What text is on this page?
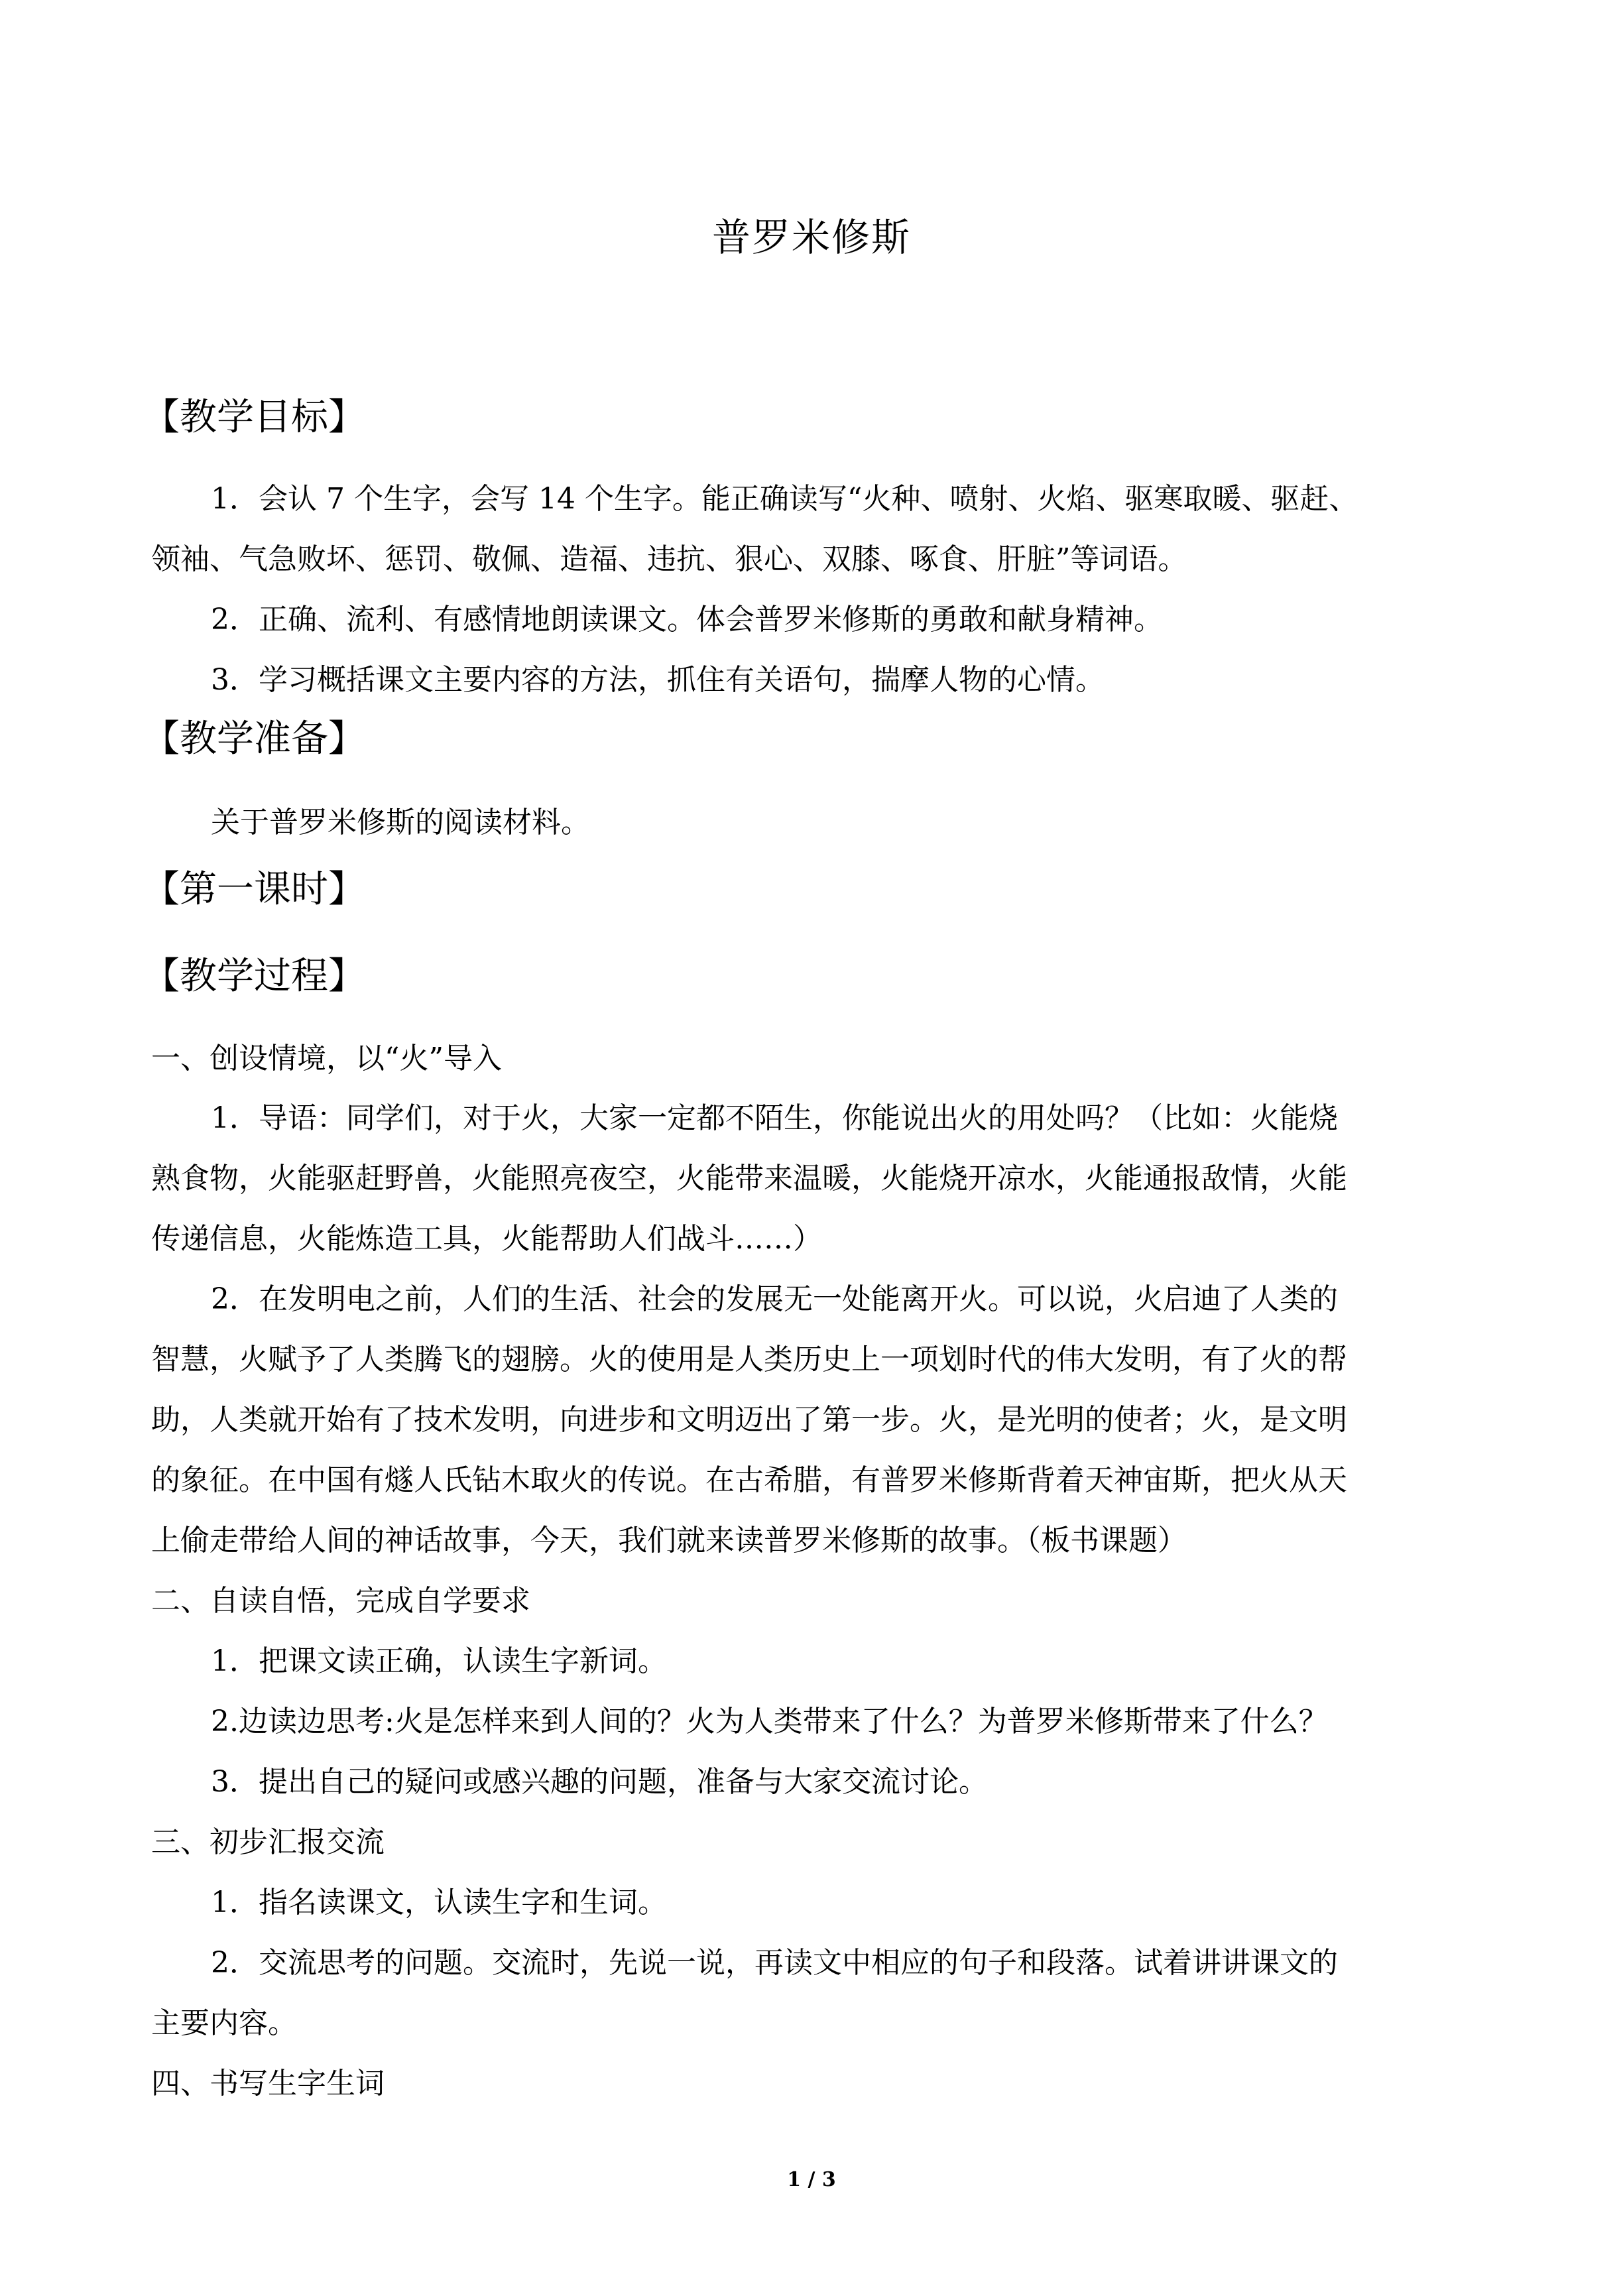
普罗米修斯
【教学目标】
1．会认 7 个生字，会写 14 个生字。能正确读写“火种、喷射、火焰、驱寒取暖、驱赶、
领袖、气急败坏、惩罚、敬佩、造福、违抗、狠心、双膝、啄食、肝脏”等词语。
2．正确、流利、有感情地朗读课文。体会普罗米修斯的勇敢和献身精神。
3．学习概括课文主要内容的方法，抓住有关语句，揣摩人物的心情。
【教学准备】
关于普罗米修斯的阅读材料。
【第一课时】
【教学过程】
一、创设情境，以“火”导入
1．导语：同学们，对于火，大家一定都不陌生，你能说出火的用处吗？（比如：火能烧
熟食物，火能驱赶野兽，火能照亮夜空，火能带来温暖，火能烧开凉水，火能通报敌情，火能
传递信息，火能炼造工具，火能帮助人们战斗……）
2．在发明电之前，人们的生活、社会的发展无一处能离开火。可以说，火启迪了人类的
智慧，火赋予了人类腾飞的翅膀。火的使用是人类历史上一项划时代的伟大发明，有了火的帮
助，人类就开始有了技术发明，向进步和文明迈出了第一步。火，是光明的使者；火，是文明
的象征。在中国有燧人氏钻木取火的传说。在古希腊，有普罗米修斯背着天神宙斯，把火从天
上偷走带给人间的神话故事，今天，我们就来读普罗米修斯的故事。（板书课题）
二、自读自悟，完成自学要求
1．把课文读正确，认读生字新词。
2.边读边思考:火是怎样来到人间的？火为人类带来了什么？为普罗米修斯带来了什么？
3．提出自己的疑问或感兴趣的问题，准备与大家交流讨论。
三、初步汇报交流
1．指名读课文，认读生字和生词。
2．交流思考的问题。交流时，先说一说，再读文中相应的句子和段落。试着讲讲课文的
主要内容。
四、书写生字生词
1 / 3
